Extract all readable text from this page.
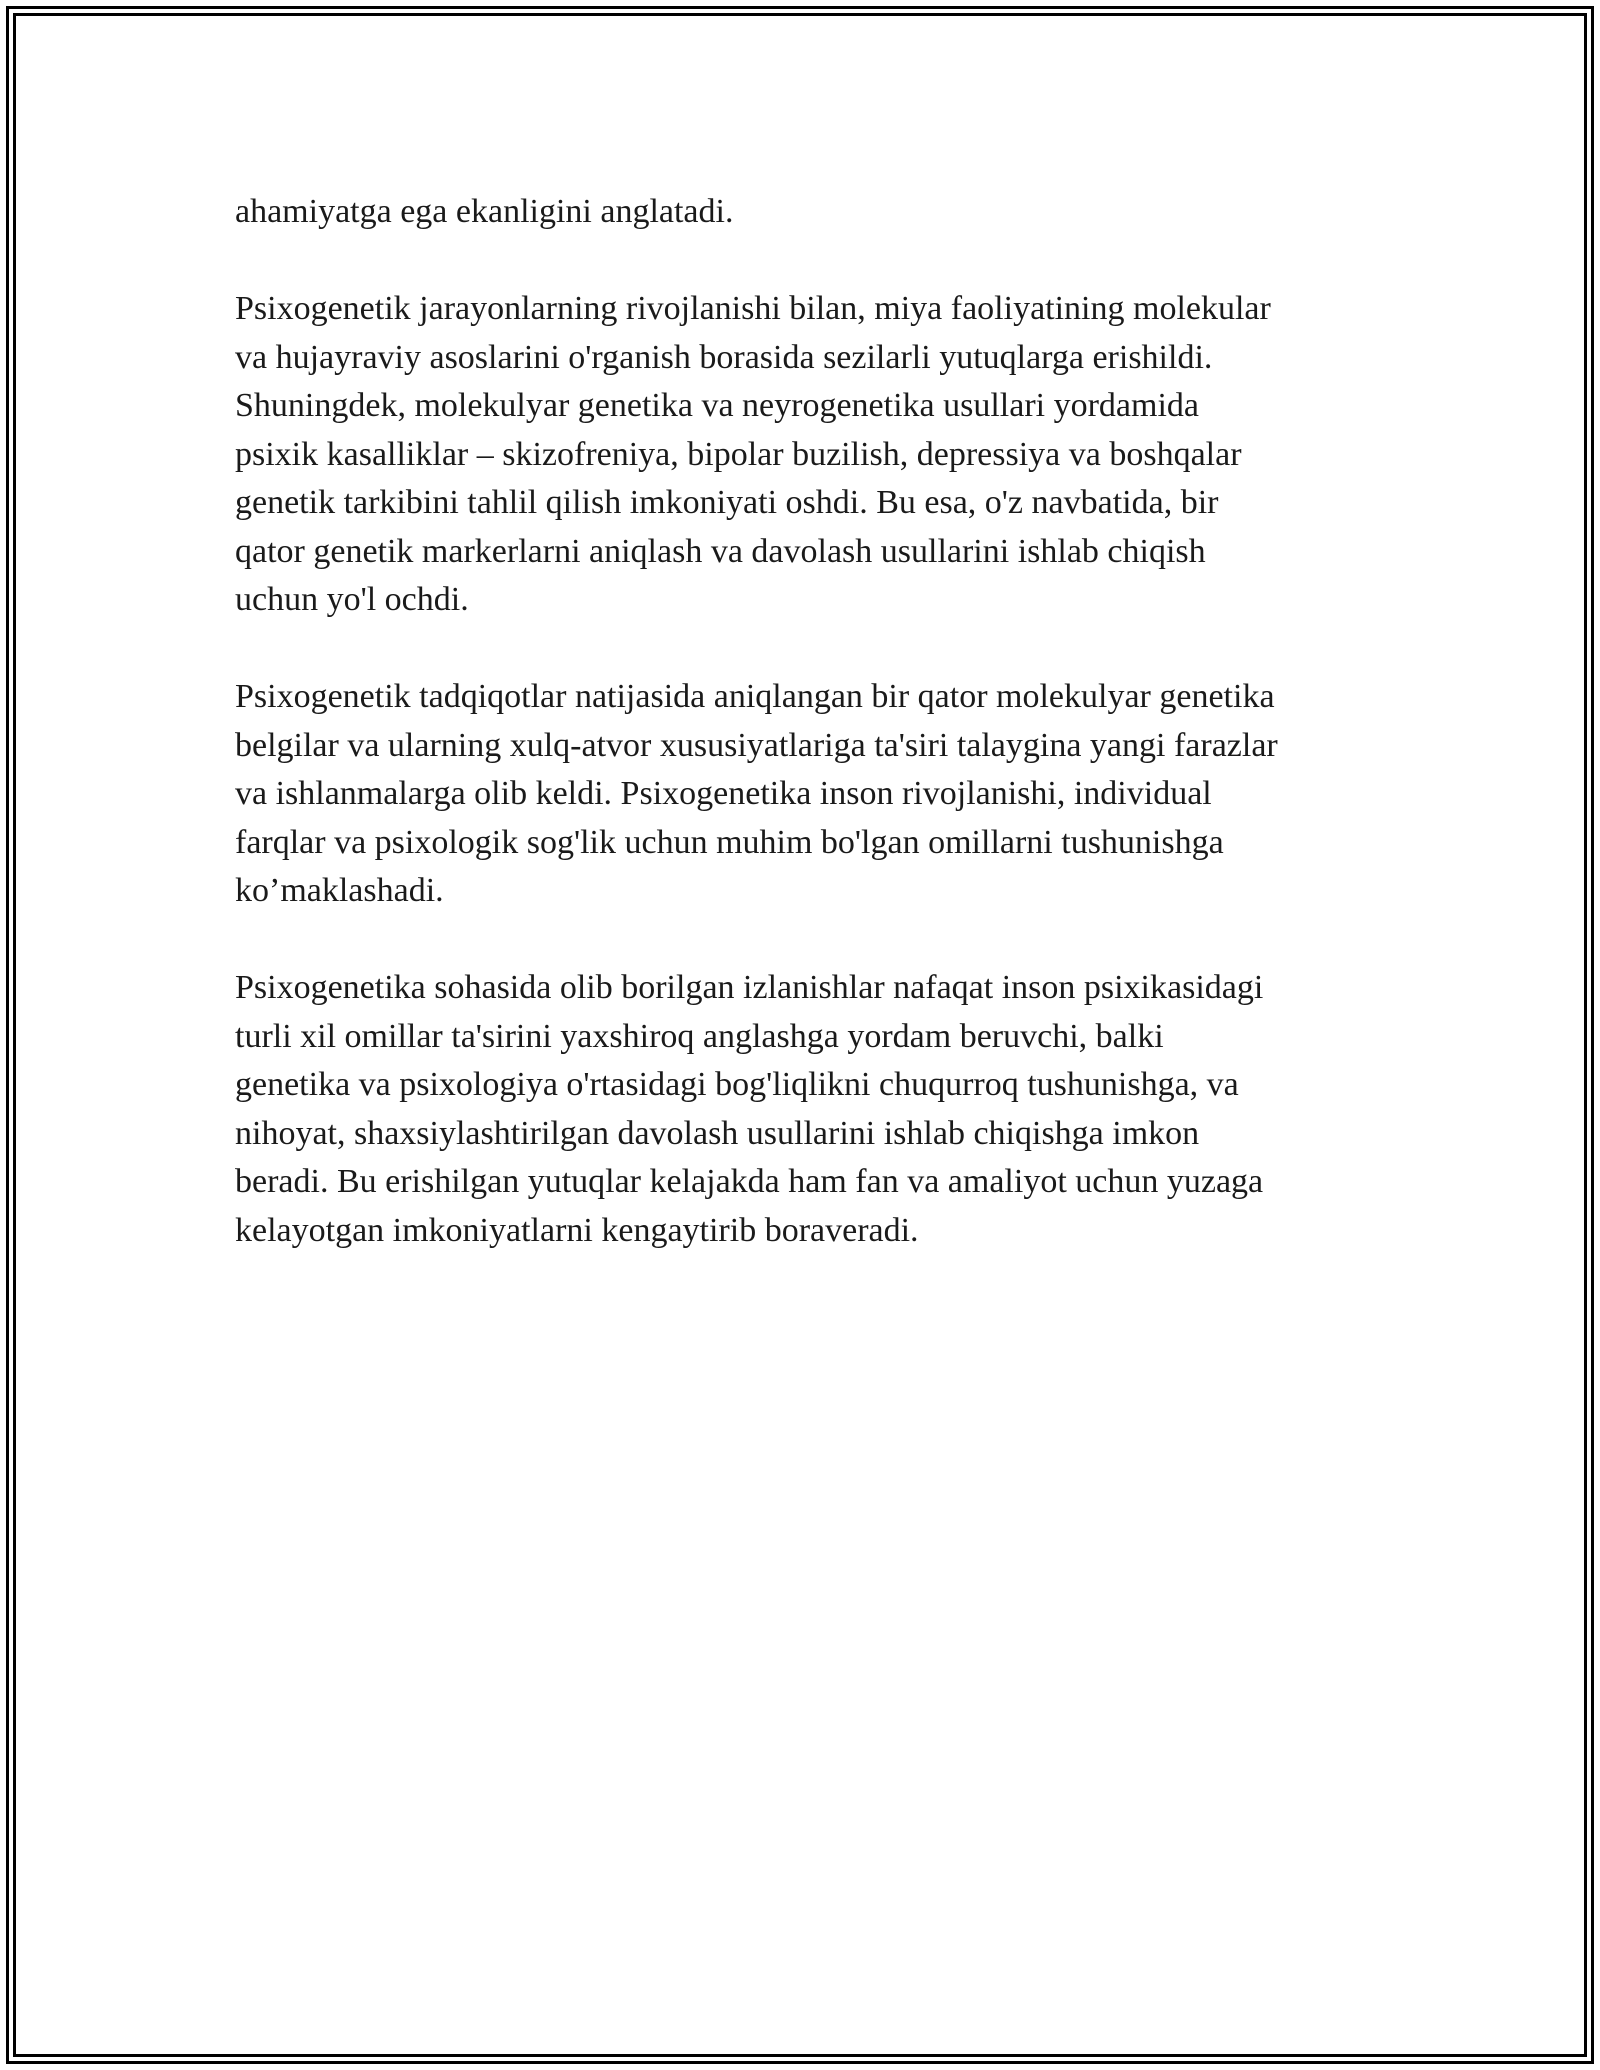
ahamiyatga ega ekanligini anglatadi.

Psixogenetik jarayonlarning rivojlanishi bilan, miya faoliyatining molekular
va hujayraviy asoslarini o'rganish borasida sezilarli yutuqlarga erishildi.
Shuningdek, molekulyar genetika va neyrogenetika usullari yordamida
psixik kasalliklar – skizofreniya, bipolar buzilish, depressiya va boshqalar
genetik tarkibini tahlil qilish imkoniyati oshdi. Bu esa, o'z navbatida, bir
qator genetik markerlarni aniqlash va davolash usullarini ishlab chiqish
uchun yo'l ochdi.

Psixogenetik tadqiqotlar natijasida aniqlangan bir qator molekulyar genetika
belgilar va ularning xulq-atvor xususiyatlariga ta'siri talaygina yangi farazlar
va ishlanmalarga olib keldi. Psixogenetika inson rivojlanishi, individual
farqlar va psixologik sog'lik uchun muhim bo'lgan omillarni tushunishga
ko’maklashadi.

Psixogenetika sohasida olib borilgan izlanishlar nafaqat inson psixikasidagi
turli xil omillar ta'sirini yaxshiroq anglashga yordam beruvchi, balki
genetika va psixologiya o'rtasidagi bog'liqlikni chuqurroq tushunishga, va
nihoyat, shaxsiylashtirilgan davolash usullarini ishlab chiqishga imkon
beradi. Bu erishilgan yutuqlar kelajakda ham fan va amaliyot uchun yuzaga
kelayotgan imkoniyatlarni kengaytirib boraveradi.
